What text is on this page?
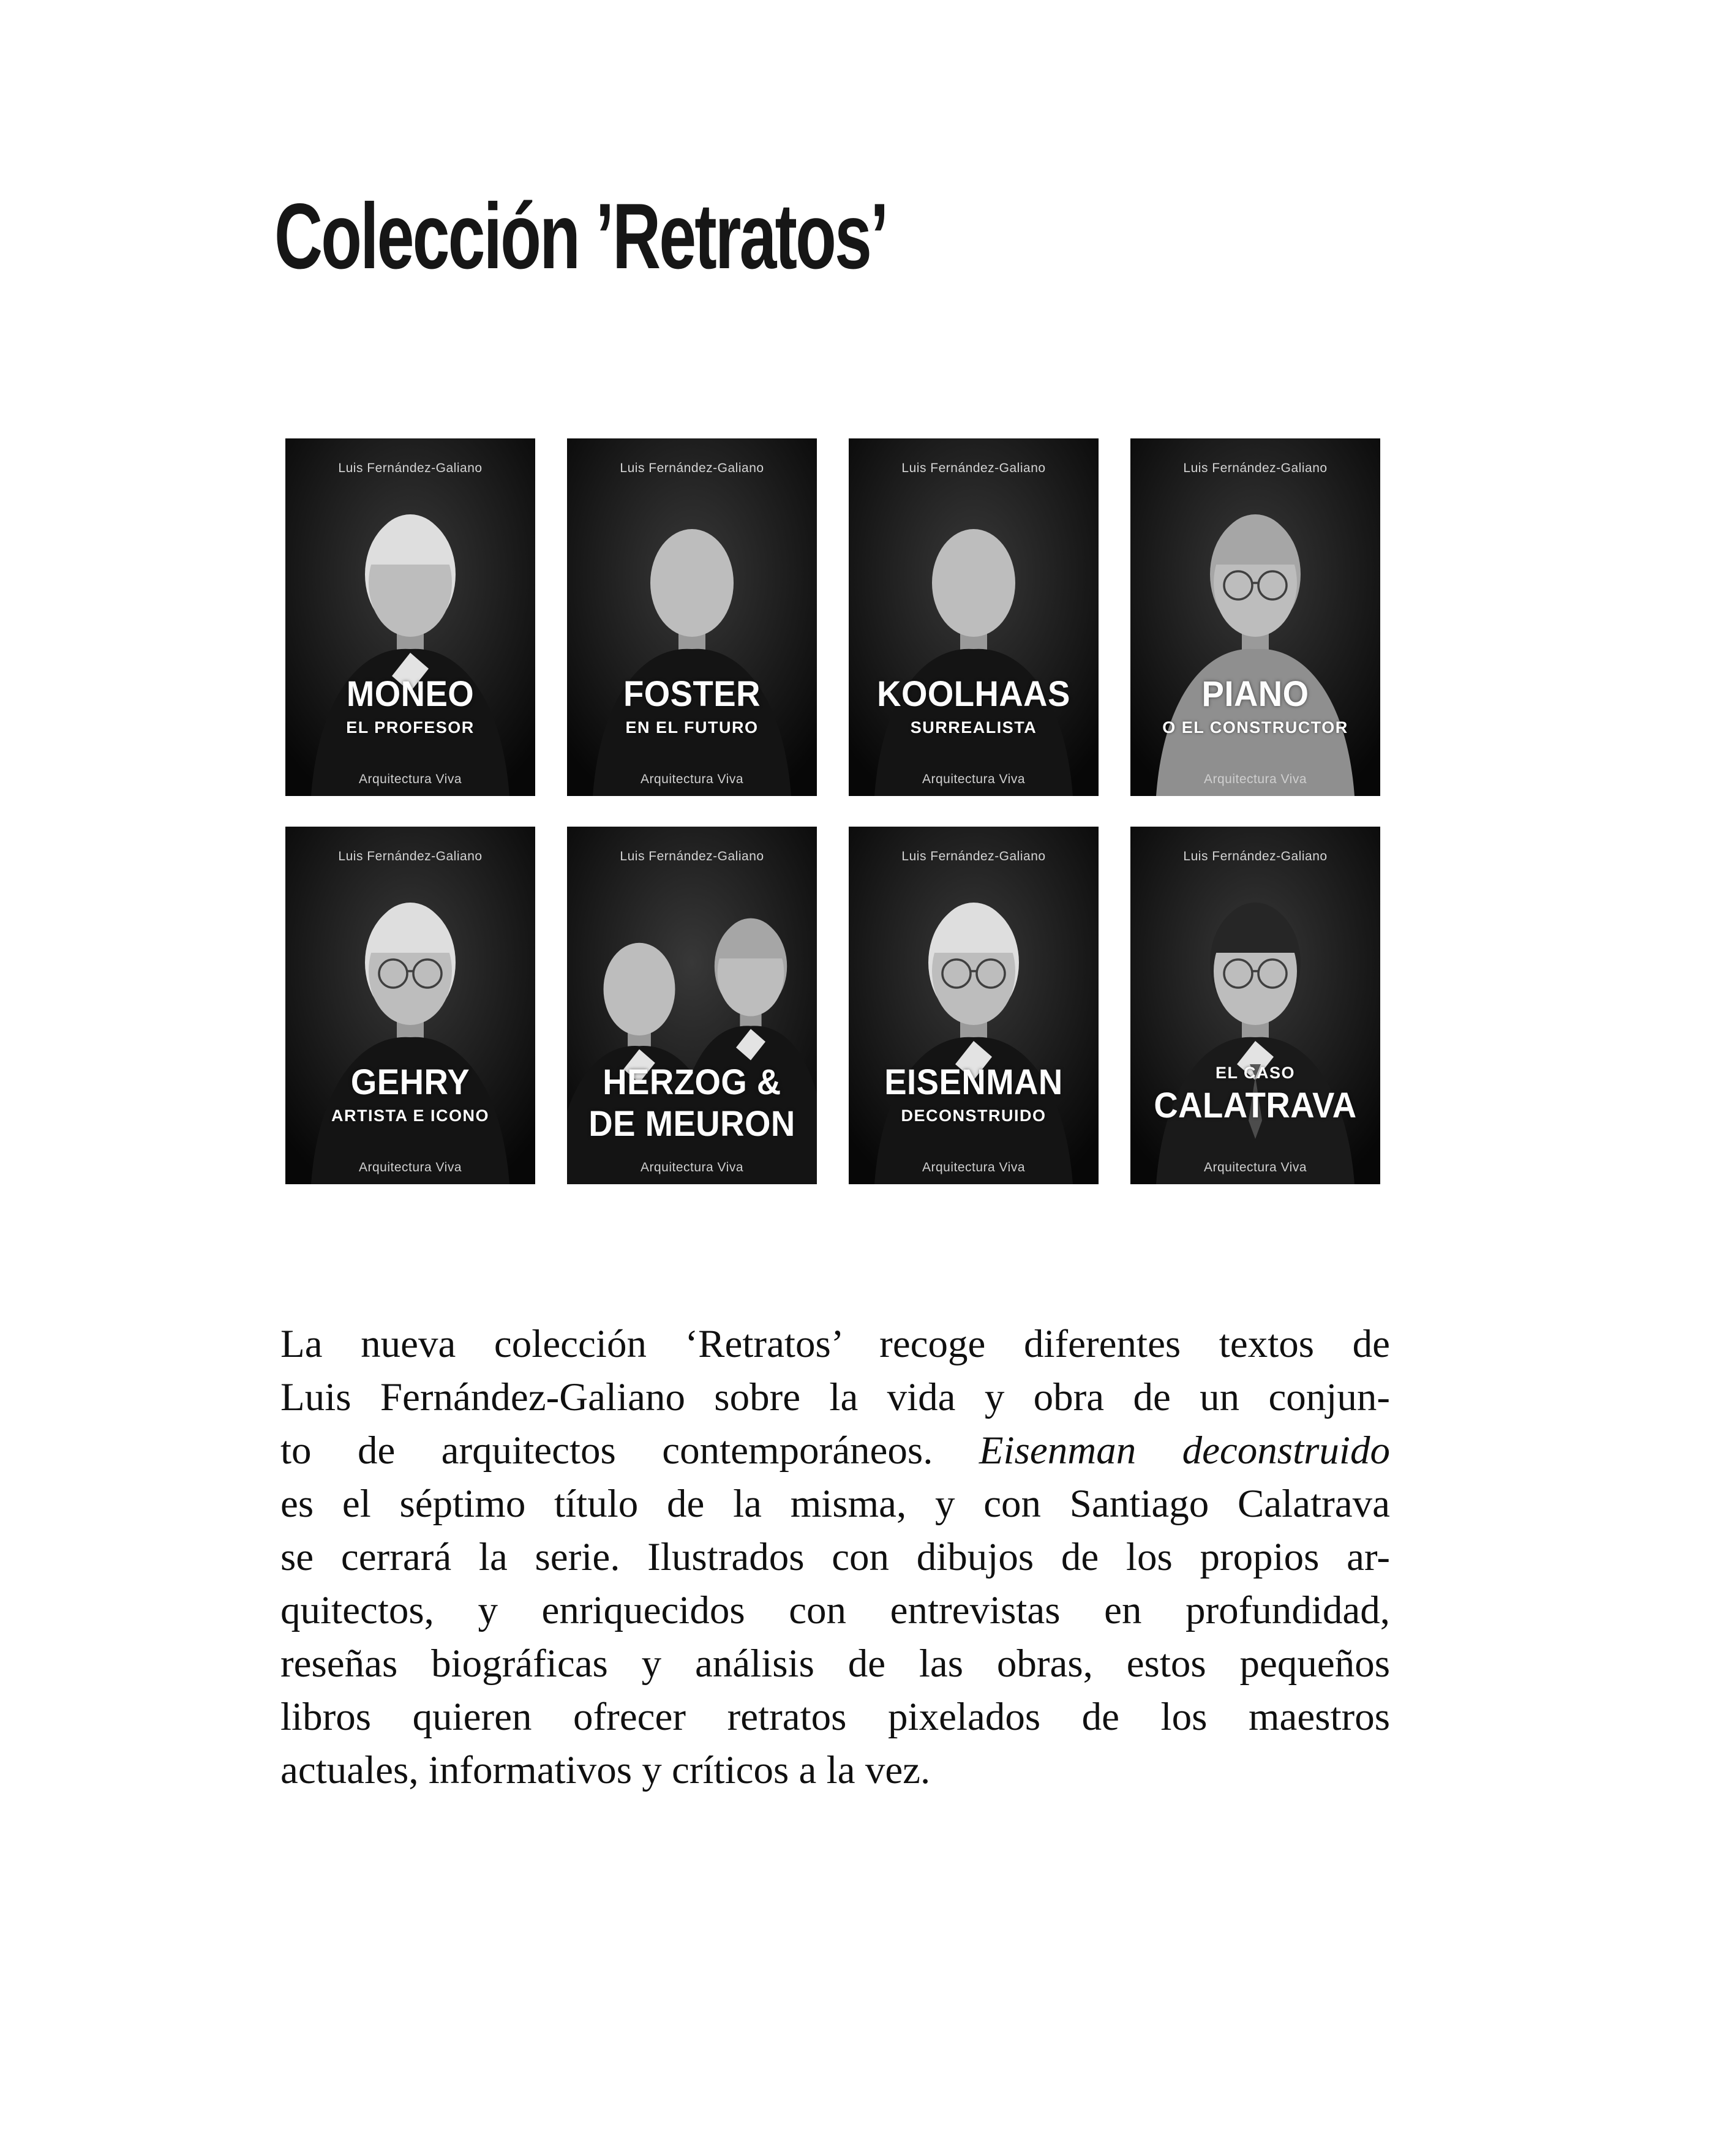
Colección ’Retratos’
Luis Fernández-Galiano
MONEO
EL PROFESOR
Arquitectura Viva
Luis Fernández-Galiano
FOSTER
EN EL FUTURO
Arquitectura Viva
Luis Fernández-Galiano
KOOLHAAS
SURREALISTA
Arquitectura Viva
Luis Fernández-Galiano
PIANO
O EL CONSTRUCTOR
Arquitectura Viva
Luis Fernández-Galiano
GEHRY
ARTISTA E ICONO
Arquitectura Viva
Luis Fernández-Galiano
HERZOG &
DE MEURON
Arquitectura Viva
Luis Fernández-Galiano
EISENMAN
DECONSTRUIDO
Arquitectura Viva
Luis Fernández-Galiano
EL CASO
CALATRAVA
Arquitectura Viva
La nueva colección ‘Retratos’ recoge diferentes textos de
Luis Fernández-Galiano sobre la vida y obra de un conjun-
to de arquitectos contemporáneos. Eisenman deconstruido
es el séptimo título de la misma, y con Santiago Calatrava
se cerrará la serie. Ilustrados con dibujos de los propios ar-
quitectos, y enriquecidos con entrevistas en profundidad,
reseñas biográficas y análisis de las obras, estos pequeños
libros quieren ofrecer retratos pixelados de los maestros
actuales, informativos y críticos a la vez.
